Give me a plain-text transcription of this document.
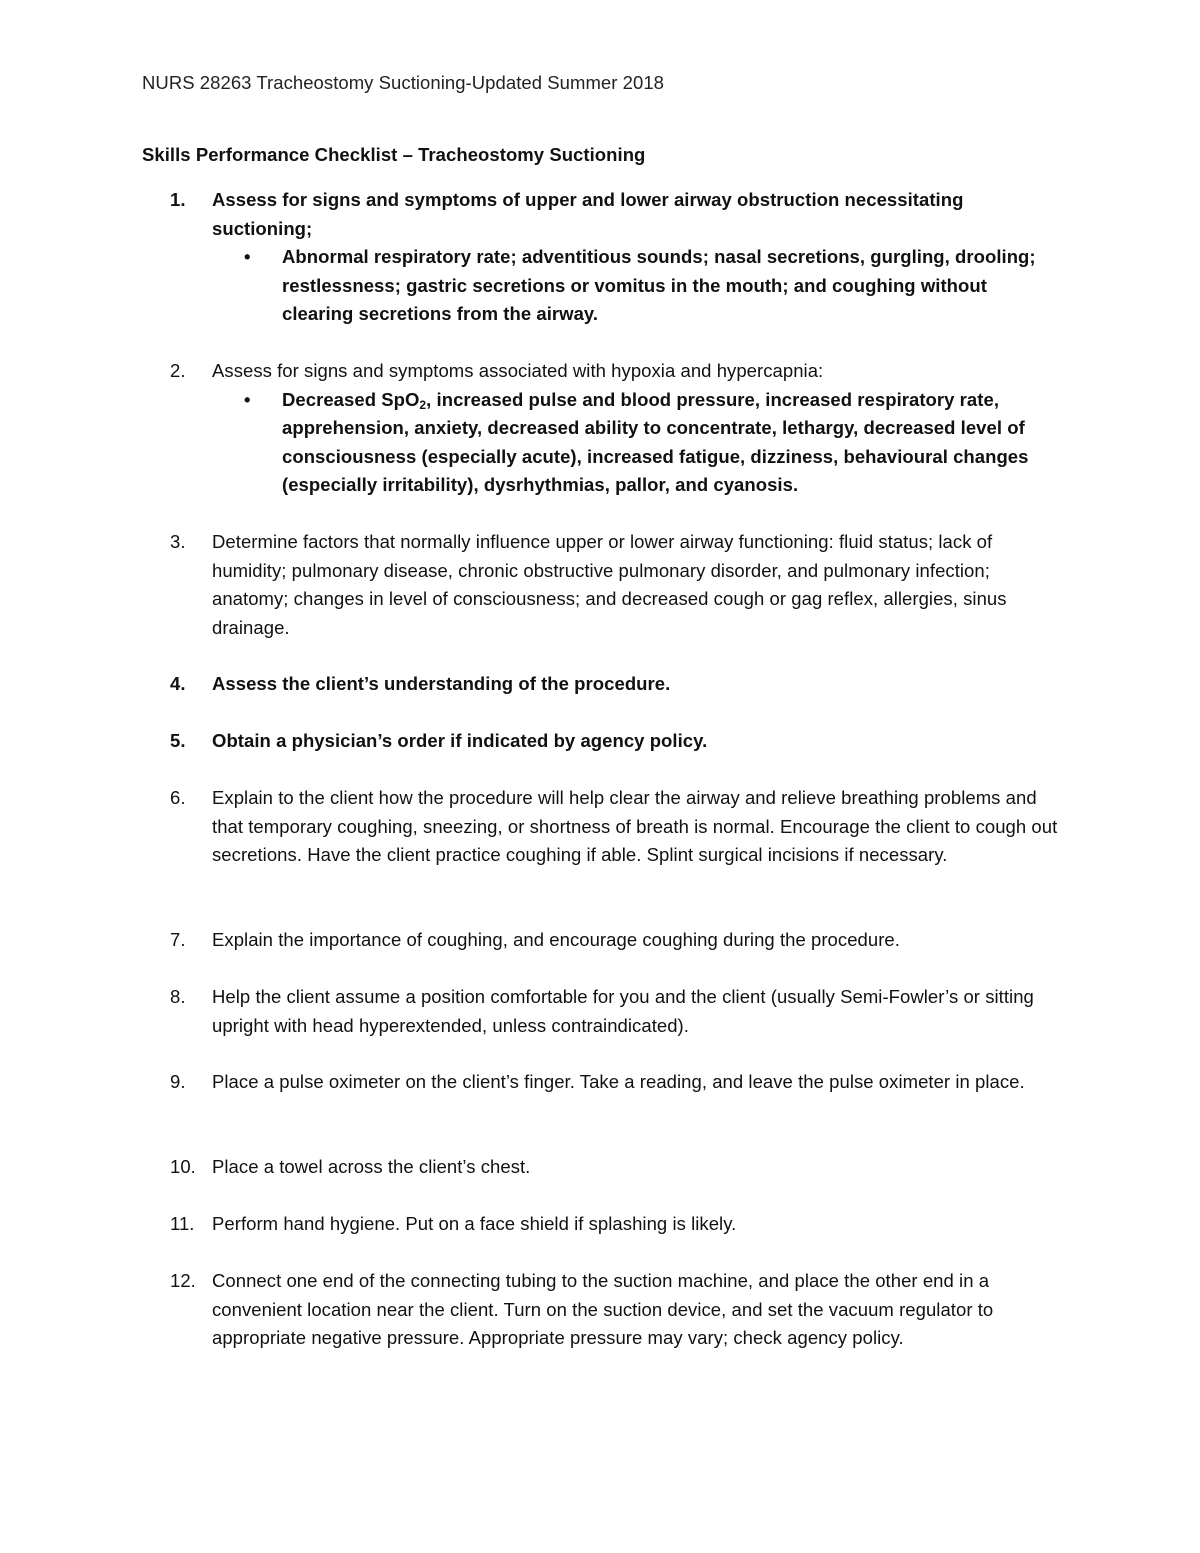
NURS 28263 Tracheostomy Suctioning-Updated Summer 2018
Skills Performance Checklist – Tracheostomy Suctioning
1.	Assess for signs and symptoms of upper and lower airway obstruction necessitating suctioning;
• Abnormal respiratory rate; adventitious sounds; nasal secretions, gurgling, drooling; restlessness; gastric secretions or vomitus in the mouth; and coughing without clearing secretions from the airway.
2.	Assess for signs and symptoms associated with hypoxia and hypercapnia:
• Decreased SpO$_2$, increased pulse and blood pressure, increased respiratory rate, apprehension, anxiety, decreased ability to concentrate, lethargy, decreased level of consciousness (especially acute), increased fatigue, dizziness, behavioural changes (especially irritability), dysrhythmias, pallor, and cyanosis.
3.	Determine factors that normally influence upper or lower airway functioning: fluid status; lack of humidity; pulmonary disease, chronic obstructive pulmonary disorder, and pulmonary infection; anatomy; changes in level of consciousness; and decreased cough or gag reflex, allergies, sinus drainage.
4.	Assess the client’s understanding of the procedure.
5.	Obtain a physician’s order if indicated by agency policy.
6.	Explain to the client how the procedure will help clear the airway and relieve breathing problems and that temporary coughing, sneezing, or shortness of breath is normal. Encourage the client to cough out secretions. Have the client practice coughing if able. Splint surgical incisions if necessary.
7.	Explain the importance of coughing, and encourage coughing during the procedure.
8.	Help the client assume a position comfortable for you and the client (usually Semi-Fowler’s or sitting upright with head hyperextended, unless contraindicated).
9.	Place a pulse oximeter on the client’s finger. Take a reading, and leave the pulse oximeter in place.
10. Place a towel across the client’s chest.
11. Perform hand hygiene. Put on a face shield if splashing is likely.
12. Connect one end of the connecting tubing to the suction machine, and place the other end in a convenient location near the client. Turn on the suction device, and set the vacuum regulator to appropriate negative pressure. Appropriate pressure may vary; check agency policy.
